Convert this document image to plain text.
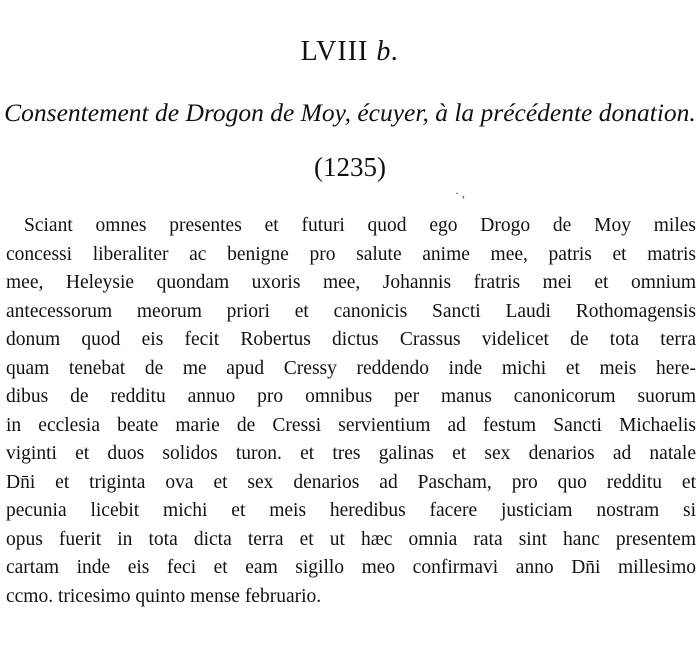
LVIII b.
Consentement de Drogon de Moy, écuyer, à la précédente donation.
(1235)
· ,
Sciant omnes presentes et futuri quod ego Drogo de Moy miles
concessi liberaliter ac benigne pro salute anime mee, patris et matris
mee, Heleysie quondam uxoris mee, Johannis fratris mei et omnium
antecessorum meorum priori et canonicis Sancti Laudi Rothomagensis
donum quod eis fecit Robertus dictus Crassus videlicet de tota terra
quam tenebat de me apud Cressy reddendo inde michi et meis here-
dibus de redditu annuo pro omnibus per manus canonicorum suorum
in ecclesia beate marie de Cressi servientium ad festum Sancti Michaelis
viginti et duos solidos turon. et tres galinas et sex denarios ad natale
Dn̄i et triginta ova et sex denarios ad Pascham, pro quo redditu et
pecunia licebit michi et meis heredibus facere justiciam nostram si
opus fuerit in tota dicta terra et ut hæc omnia rata sint hanc presentem
cartam inde eis feci et eam sigillo meo confirmavi anno Dn̄i millesimo
ccmo. tricesimo quinto mense februario.
